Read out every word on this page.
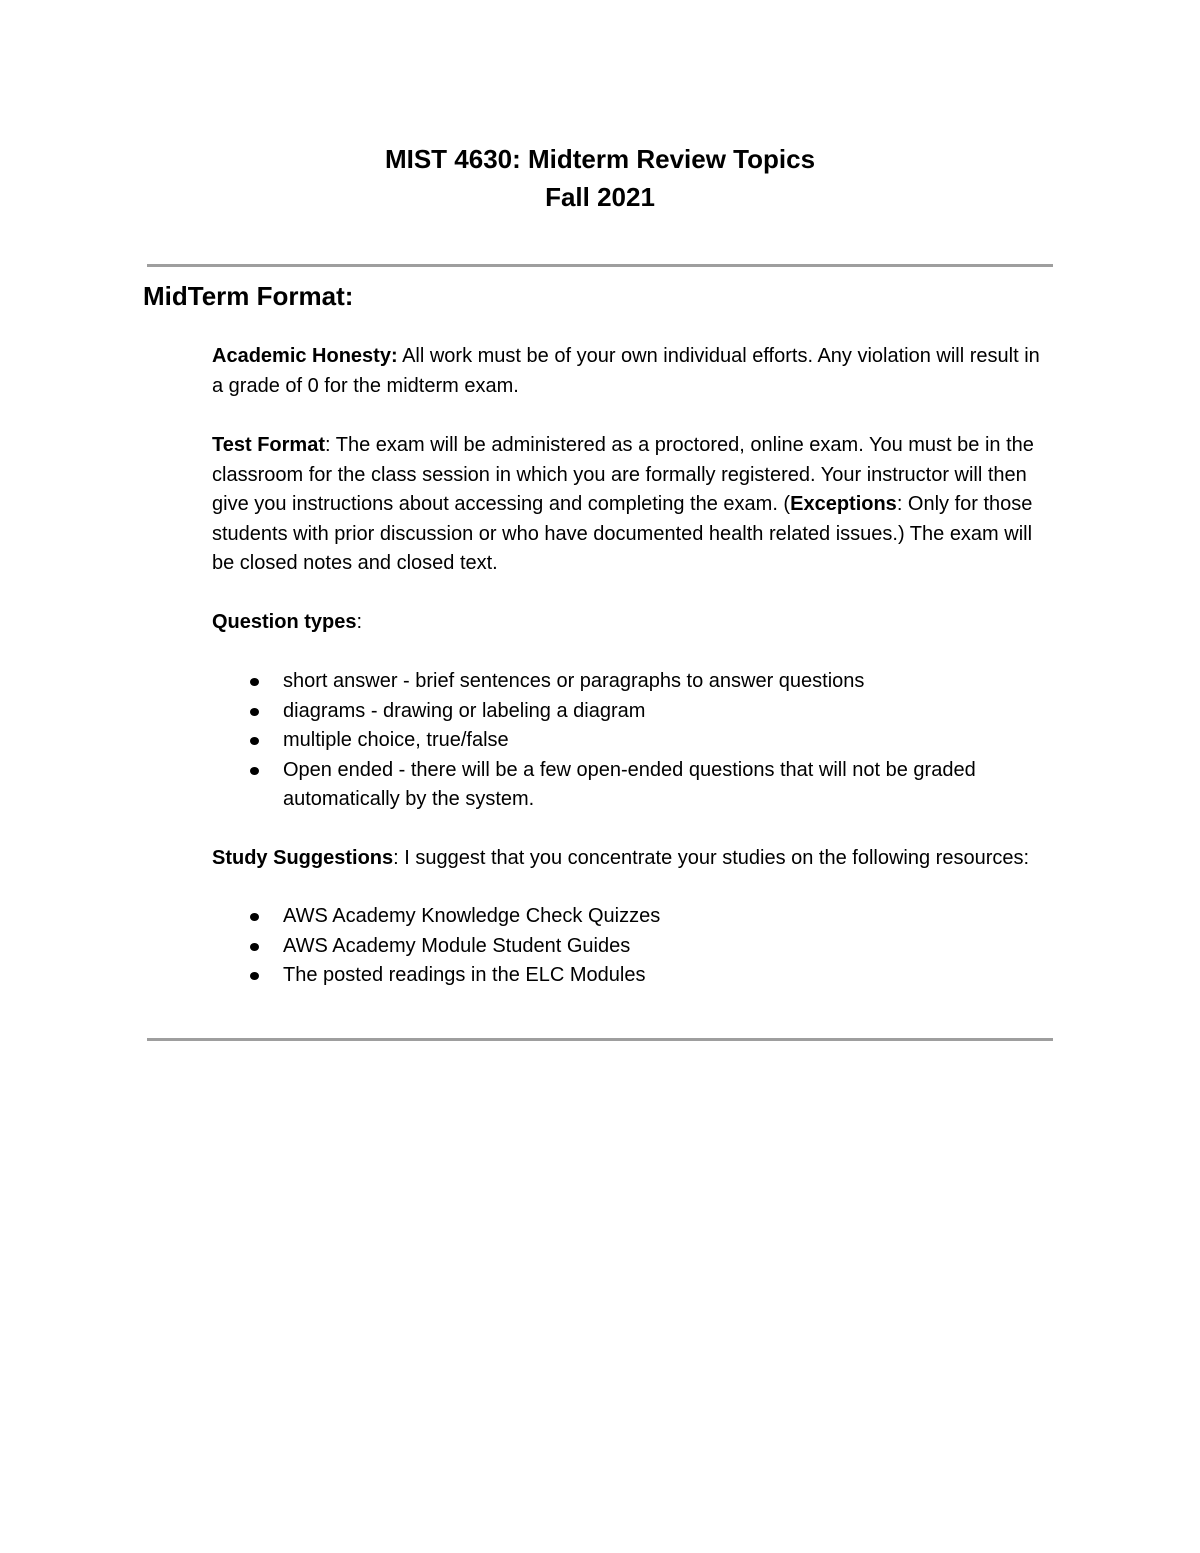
MIST 4630: Midterm Review Topics
Fall 2021
MidTerm Format:
Academic Honesty: All work must be of your own individual efforts. Any violation will result in a grade of 0 for the midterm exam.
Test Format: The exam will be administered as a proctored, online exam. You must be in the classroom for the class session in which you are formally registered. Your instructor will then give you instructions about accessing and completing the exam. (Exceptions: Only for those students with prior discussion or who have documented health related issues.) The exam will be closed notes and closed text.
Question types:
short answer - brief sentences or paragraphs to answer questions
diagrams - drawing or labeling a diagram
multiple choice, true/false
Open ended - there will be a few open-ended questions that will not be graded automatically by the system.
Study Suggestions: I suggest that you concentrate your studies on the following resources:
AWS Academy Knowledge Check Quizzes
AWS Academy Module Student Guides
The posted readings in the ELC Modules
